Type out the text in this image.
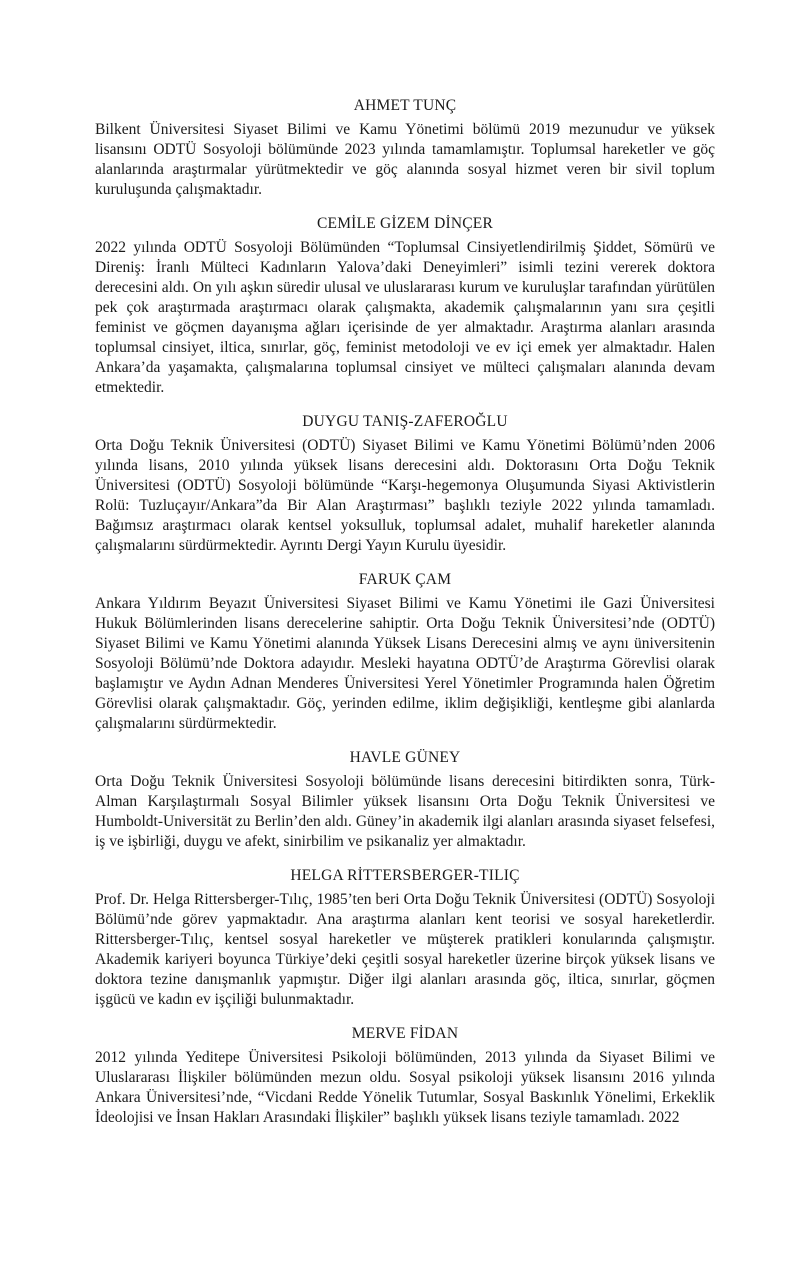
AHMET TUNÇ

Bilkent Üniversitesi Siyaset Bilimi ve Kamu Yönetimi bölümü 2019 mezunudur ve yüksek lisansını ODTÜ Sosyoloji bölümünde 2023 yılında tamamlamıştır. Toplumsal hareketler ve göç alanlarında araştırmalar yürütmektedir ve göç alanında sosyal hizmet veren bir sivil toplum kuruluşunda çalışmaktadır.

CEMİLE GİZEM DİNÇER

2022 yılında ODTÜ Sosyoloji Bölümünden “Toplumsal Cinsiyetlendirilmiş Şiddet, Sömürü ve Direniş: İranlı Mülteci Kadınların Yalova’daki Deneyimleri” isimli tezini vererek doktora derecesini aldı. On yılı aşkın süredir ulusal ve uluslararası kurum ve kuruluşlar tarafından yürütülen pek çok araştırmada araştırmacı olarak çalışmakta, akademik çalışmalarının yanı sıra çeşitli feminist ve göçmen dayanışma ağları içerisinde de yer almaktadır. Araştırma alanları arasında toplumsal cinsiyet, iltica, sınırlar, göç, feminist metodoloji ve ev içi emek yer almaktadır. Halen Ankara’da yaşamakta, çalışmalarına toplumsal cinsiyet ve mülteci çalışmaları alanında devam etmektedir.

DUYGU TANIŞ-ZAFEROĞLU

Orta Doğu Teknik Üniversitesi (ODTÜ) Siyaset Bilimi ve Kamu Yönetimi Bölümü’nden 2006 yılında lisans, 2010 yılında yüksek lisans derecesini aldı. Doktorasını Orta Doğu Teknik Üniversitesi (ODTÜ) Sosyoloji bölümünde “Karşı-hegemonya Oluşumunda Siyasi Aktivistlerin Rolü: Tuzluçayır/Ankara”da Bir Alan Araştırması” başlıklı teziyle 2022 yılında tamamladı. Bağımsız araştırmacı olarak kentsel yoksulluk, toplumsal adalet, muhalif hareketler alanında çalışmalarını sürdürmektedir. Ayrıntı Dergi Yayın Kurulu üyesidir.

FARUK ÇAM

Ankara Yıldırım Beyazıt Üniversitesi Siyaset Bilimi ve Kamu Yönetimi ile Gazi Üniversitesi Hukuk Bölümlerinden lisans derecelerine sahiptir. Orta Doğu Teknik Üniversitesi’nde (ODTÜ) Siyaset Bilimi ve Kamu Yönetimi alanında Yüksek Lisans Derecesini almış ve aynı üniversitenin Sosyoloji Bölümü’nde Doktora adayıdır. Mesleki hayatına ODTÜ’de Araştırma Görevlisi olarak başlamıştır ve Aydın Adnan Menderes Üniversitesi Yerel Yönetimler Programında halen Öğretim Görevlisi olarak çalışmaktadır. Göç, yerinden edilme, iklim değişikliği, kentleşme gibi alanlarda çalışmalarını sürdürmektedir.

HAVLE GÜNEY

Orta Doğu Teknik Üniversitesi Sosyoloji bölümünde lisans derecesini bitirdikten sonra, Türk-Alman Karşılaştırmalı Sosyal Bilimler yüksek lisansını Orta Doğu Teknik Üniversitesi ve Humboldt-Universität zu Berlin’den aldı. Güney’in akademik ilgi alanları arasında siyaset felsefesi, iş ve işbirliği, duygu ve afekt, sinirbilim ve psikanaliz yer almaktadır.

HELGA RİTTERSBERGER-TILIÇ

Prof. Dr. Helga Rittersberger-Tılıç, 1985’ten beri Orta Doğu Teknik Üniversitesi (ODTÜ) Sosyoloji Bölümü’nde görev yapmaktadır. Ana araştırma alanları kent teorisi ve sosyal hareketlerdir. Rittersberger-Tılıç, kentsel sosyal hareketler ve müşterek pratikleri konularında çalışmıştır. Akademik kariyeri boyunca Türkiye’deki çeşitli sosyal hareketler üzerine birçok yüksek lisans ve doktora tezine danışmanlık yapmıştır. Diğer ilgi alanları arasında göç, iltica, sınırlar, göçmen işgücü ve kadın ev işçiliği bulunmaktadır.

MERVE FİDAN

2012 yılında Yeditepe Üniversitesi Psikoloji bölümünden, 2013 yılında da Siyaset Bilimi ve Uluslararası İlişkiler bölümünden mezun oldu. Sosyal psikoloji yüksek lisansını 2016 yılında Ankara Üniversitesi’nde, “Vicdani Redde Yönelik Tutumlar, Sosyal Baskınlık Yönelimi, Erkeklik İdeolojisi ve İnsan Hakları Arasındaki İlişkiler” başlıklı yüksek lisans teziyle tamamladı. 2022
